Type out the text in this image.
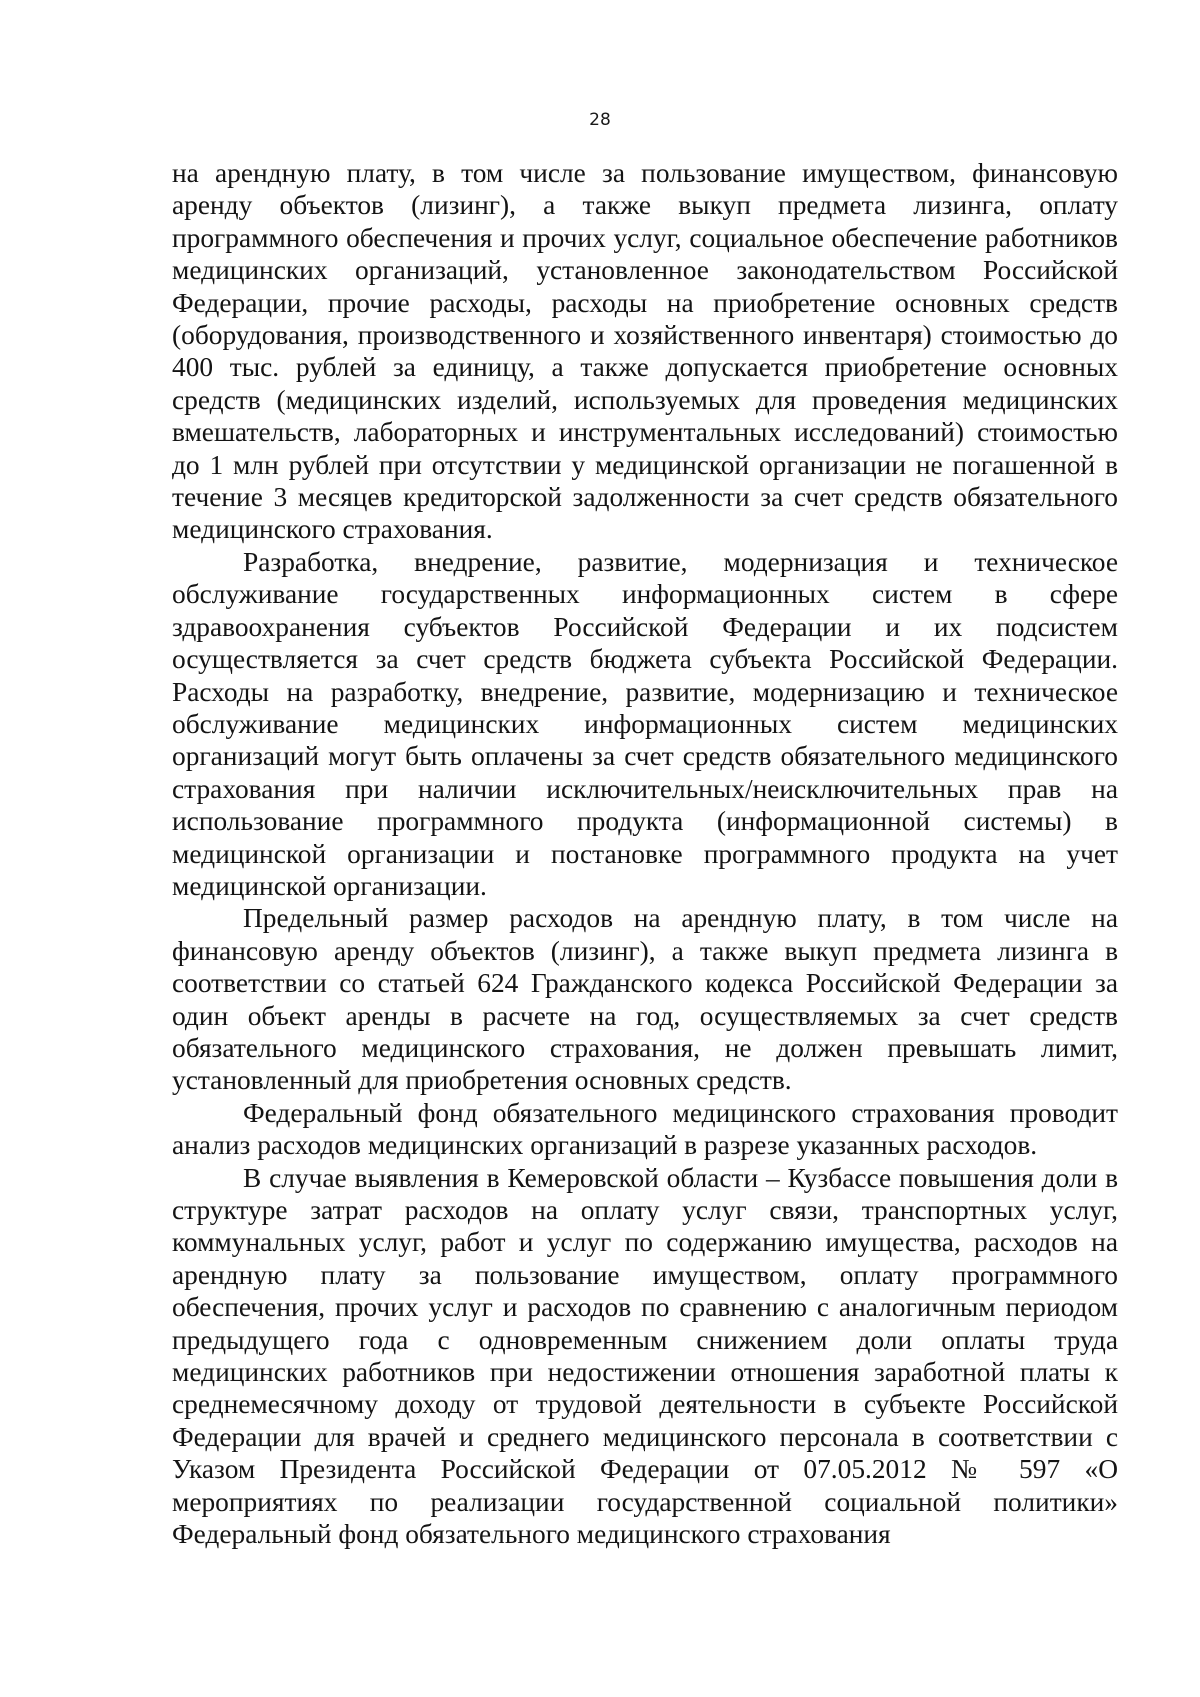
28

на арендную плату, в том числе за пользование имуществом, финансовую аренду объектов (лизинг), а также выкуп предмета лизинга, оплату программного обеспечения и прочих услуг, социальное обеспечение работников медицинских организаций, установленное законодательством Российской Федерации, прочие расходы, расходы на приобретение основных средств (оборудования, производственного и хозяйственного инвентаря) стоимостью до 400 тыс. рублей за единицу, а также допускается приобретение основных средств (медицинских изделий, используемых для проведения медицинских вмешательств, лабораторных и инструментальных исследований) стоимостью до 1 млн рублей при отсутствии у медицинской организации не погашенной в течение 3 месяцев кредиторской задолженности за счет средств обязательного медицинского страхования.

Разработка, внедрение, развитие, модернизация и техническое обслуживание государственных информационных систем в сфере здравоохранения субъектов Российской Федерации и их подсистем осуществляется за счет средств бюджета субъекта Российской Федерации. Расходы на разработку, внедрение, развитие, модернизацию и техническое обслуживание медицинских информационных систем медицинских организаций могут быть оплачены за счет средств обязательного медицинского страхования при наличии исключительных/неисключительных прав на использование программного продукта (информационной системы) в медицинской организации и постановке программного продукта на учет медицинской организации.

Предельный размер расходов на арендную плату, в том числе на финансовую аренду объектов (лизинг), а также выкуп предмета лизинга в соответствии со статьей 624 Гражданского кодекса Российской Федерации за один объект аренды в расчете на год, осуществляемых за счет средств обязательного медицинского страхования, не должен превышать лимит, установленный для приобретения основных средств.

Федеральный фонд обязательного медицинского страхования проводит анализ расходов медицинских организаций в разрезе указанных расходов.

В случае выявления в Кемеровской области – Кузбассе повышения доли в структуре затрат расходов на оплату услуг связи, транспортных услуг, коммунальных услуг, работ и услуг по содержанию имущества, расходов на арендную плату за пользование имуществом, оплату программного обеспечения, прочих услуг и расходов по сравнению с аналогичным периодом предыдущего года с одновременным снижением доли оплаты труда медицинских работников при недостижении отношения заработной платы к среднемесячному доходу от трудовой деятельности в субъекте Российской Федерации для врачей и среднего медицинского персонала в соответствии с Указом Президента Российской Федерации от 07.05.2012 № 597 «О мероприятиях по реализации государственной социальной политики» Федеральный фонд обязательного медицинского страхования
